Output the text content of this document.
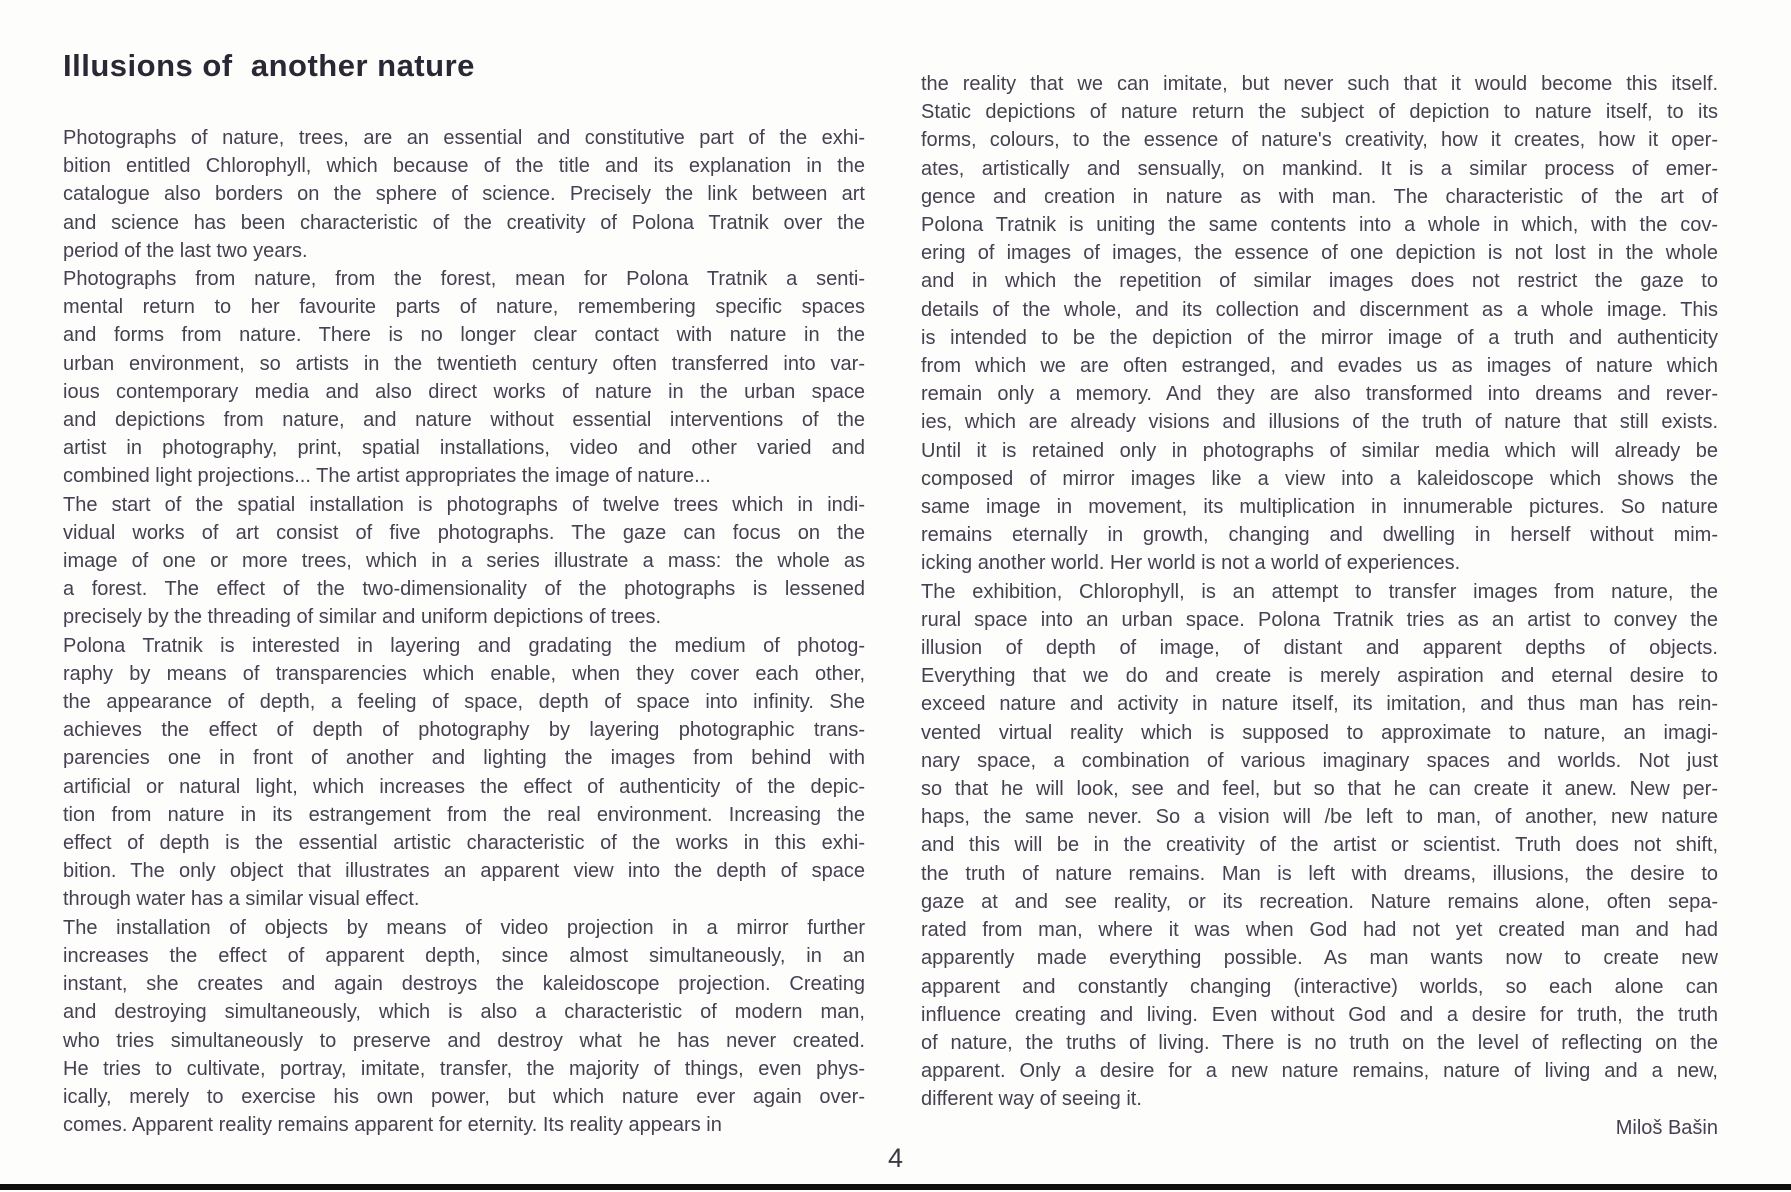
Illusions of  another nature
Photographs of nature, trees, are an essential and constitutive part of the exhi-
bition entitled Chlorophyll, which because of the title and its explanation in the
catalogue also borders on the sphere of science. Precisely the link between art
and science has been characteristic of the creativity of Polona Tratnik over the
period of the last two years.
Photographs from nature, from the forest, mean for Polona Tratnik a senti-
mental return to her favourite parts of nature, remembering specific spaces
and forms from nature. There is no longer clear contact with nature in the
urban environment, so artists in the twentieth century often transferred into var-
ious contemporary media and also direct works of nature in the urban space
and depictions from nature, and nature without essential interventions of the
artist in photography, print, spatial installations, video and other varied and
combined light projections... The artist appropriates the image of nature...
The start of the spatial installation is photographs of twelve trees which in indi-
vidual works of art consist of five photographs. The gaze can focus on the
image of one or more trees, which in a series illustrate a mass: the whole as
a forest. The effect of the two-dimensionality of the photographs is lessened
precisely by the threading of similar and uniform depictions of trees.
Polona Tratnik is interested in layering and gradating the medium of photog-
raphy by means of transparencies which enable, when they cover each other,
the appearance of depth, a feeling of space, depth of space into infinity. She
achieves the effect of depth of photography by layering photographic trans-
parencies one in front of another and lighting the images from behind with
artificial or natural light, which increases the effect of authenticity of the depic-
tion from nature in its estrangement from the real environment. Increasing the
effect of depth is the essential artistic characteristic of the works in this exhi-
bition. The only object that illustrates an apparent view into the depth of space
through water has a similar visual effect.
The installation of objects by means of video projection in a mirror further
increases the effect of apparent depth, since almost simultaneously, in an
instant, she creates and again destroys the kaleidoscope projection. Creating
and destroying simultaneously, which is also a characteristic of modern man,
who tries simultaneously to preserve and destroy what he has never created.
He tries to cultivate, portray, imitate, transfer, the majority of things, even phys-
ically, merely to exercise his own power, but which nature ever again over-
comes. Apparent reality remains apparent for eternity. Its reality appears in
the reality that we can imitate, but never such that it would become this itself.
Static depictions of nature return the subject of depiction to nature itself, to its
forms, colours, to the essence of nature's creativity, how it creates, how it oper-
ates, artistically and sensually, on mankind. It is a similar process of emer-
gence and creation in nature as with man. The characteristic of the art of
Polona Tratnik is uniting the same contents into a whole in which, with the cov-
ering of images of images, the essence of one depiction is not lost in the whole
and in which the repetition of similar images does not restrict the gaze to
details of the whole, and its collection and discernment as a whole image. This
is intended to be the depiction of the mirror image of a truth and authenticity
from which we are often estranged, and evades us as images of nature which
remain only a memory. And they are also transformed into dreams and rever-
ies, which are already visions and illusions of the truth of nature that still exists.
Until it is retained only in photographs of similar media which will already be
composed of mirror images like a view into a kaleidoscope which shows the
same image in movement, its multiplication in innumerable pictures. So nature
remains eternally in growth, changing and dwelling in herself without mim-
icking another world. Her world is not a world of experiences.
The exhibition, Chlorophyll, is an attempt to transfer images from nature, the
rural space into an urban space. Polona Tratnik tries as an artist to convey the
illusion of depth of image, of distant and apparent depths of objects.
Everything that we do and create is merely aspiration and eternal desire to
exceed nature and activity in nature itself, its imitation, and thus man has rein-
vented virtual reality which is supposed to approximate to nature, an imagi-
nary space, a combination of various imaginary spaces and worlds. Not just
so that he will look, see and feel, but so that he can create it anew. New per-
haps, the same never. So a vision will /be left to man, of another, new nature
and this will be in the creativity of the artist or scientist. Truth does not shift,
the truth of nature remains. Man is left with dreams, illusions, the desire to
gaze at and see reality, or its recreation. Nature remains alone, often sepa-
rated from man, where it was when God had not yet created man and had
apparently made everything possible. As man wants now to create new
apparent and constantly changing (interactive) worlds, so each alone can
influence creating and living. Even without God and a desire for truth, the truth
of nature, the truths of living. There is no truth on the level of reflecting on the
apparent. Only a desire for a new nature remains, nature of living and a new,
different way of seeing it.
Miloš Bašin
4
